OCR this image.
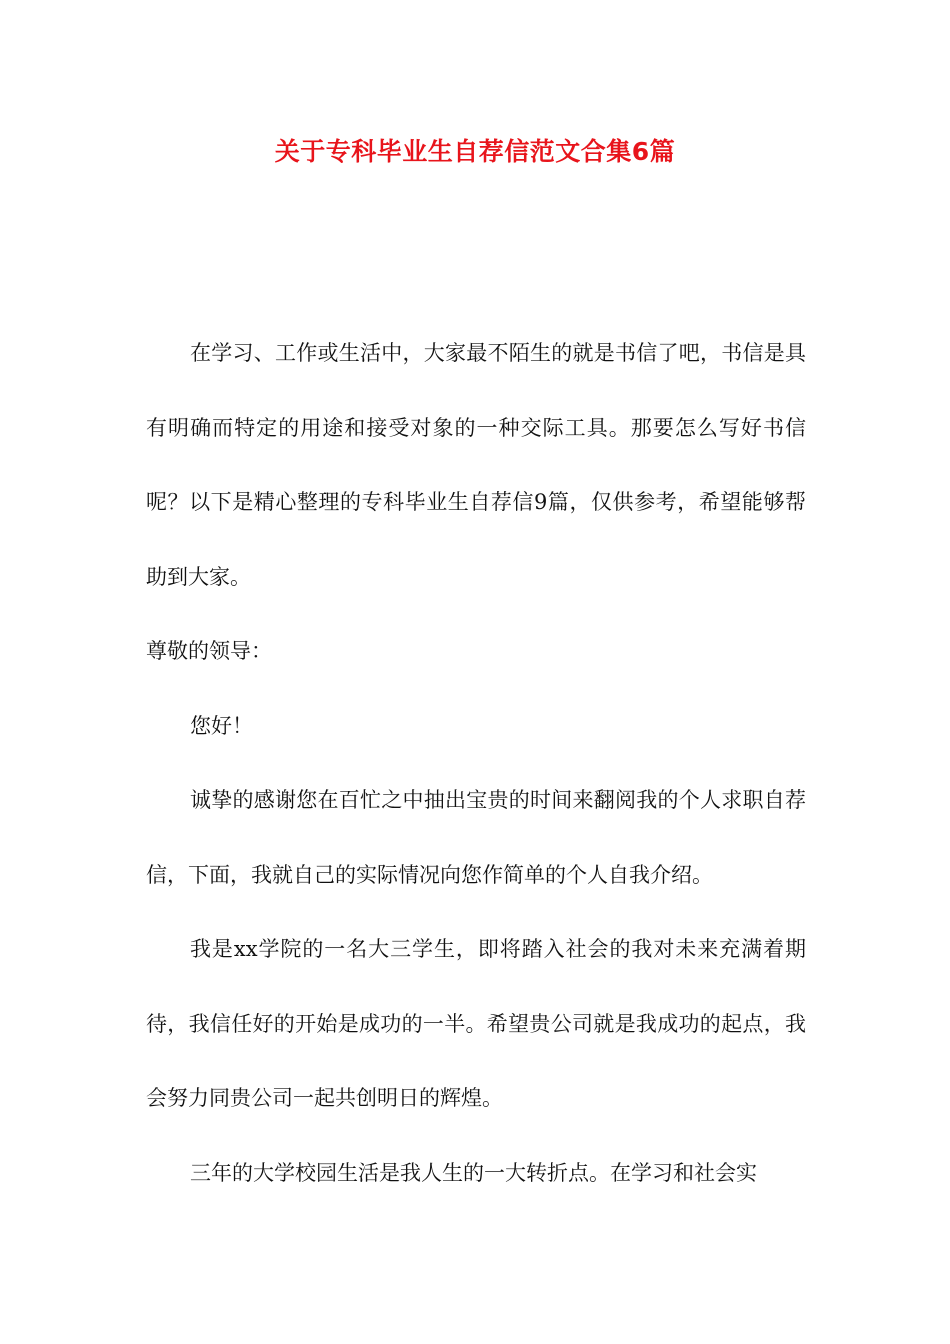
关于专科毕业生自荐信范文合集6篇

在学习、工作或生活中，大家最不陌生的就是书信了吧，书信是具有明确而特定的用途和接受对象的一种交际工具。那要怎么写好书信呢？以下是精心整理的专科毕业生自荐信9篇，仅供参考，希望能够帮助到大家。

尊敬的领导：

您好！

诚挚的感谢您在百忙之中抽出宝贵的时间来翻阅我的个人求职自荐信，下面，我就自己的实际情况向您作简单的个人自我介绍。

我是xx学院的一名大三学生，即将踏入社会的我对未来充满着期待，我信任好的开始是成功的一半。希望贵公司就是我成功的起点，我会努力同贵公司一起共创明日的辉煌。

三年的大学校园生活是我人生的一大转折点。在学习和社会实
